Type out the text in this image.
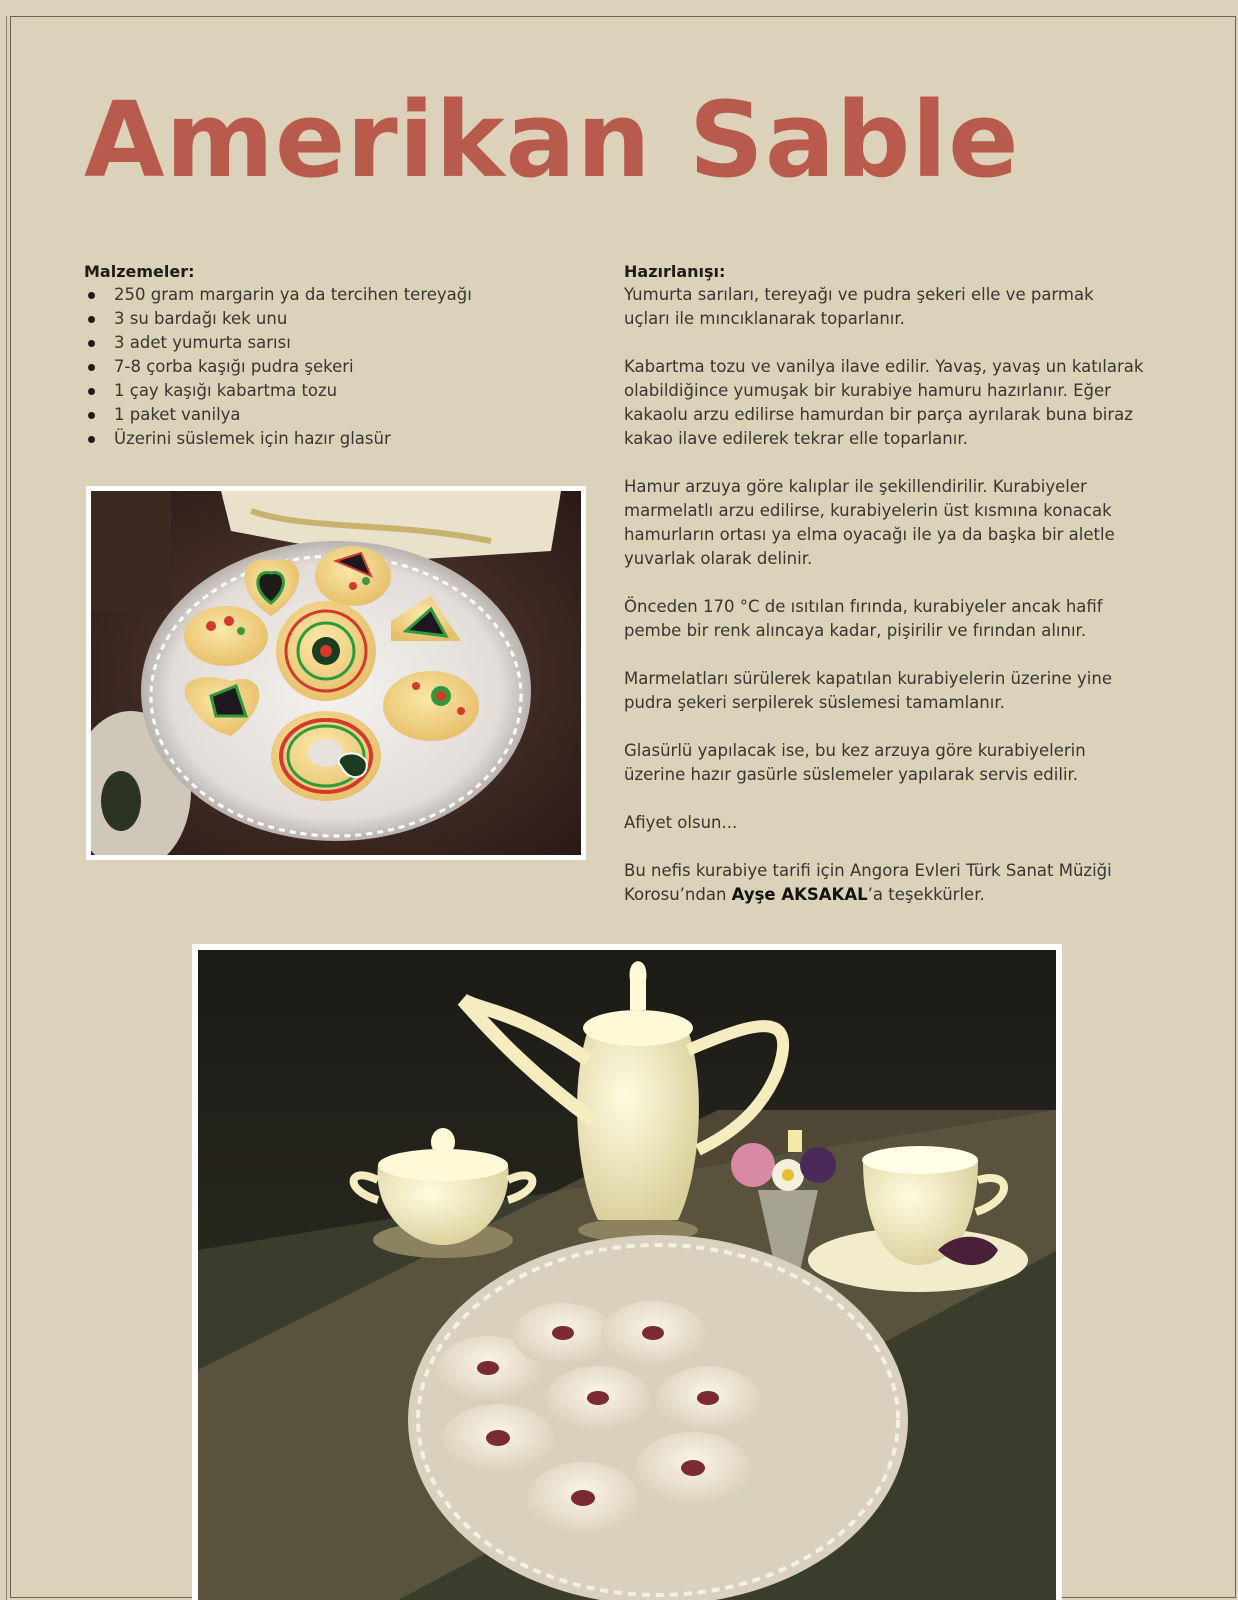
Amerikan Sable
Malzemeler:
250 gram margarin ya da tercihen tereyağı
3 su bardağı kek unu
3 adet yumurta sarısı
7-8 çorba kaşığı pudra şekeri
1 çay kaşığı kabartma tozu
1 paket vanilya
Üzerini süslemek için hazır glasür
Hazırlanışı:

Yumurta sarıları, tereyağı ve pudra şekeri elle ve parmak uçları ile mıncıklanarak toparlanır.

Kabartma tozu ve vanilya ilave edilir. Yavaş, yavaş un katılarak olabildiğince yumuşak bir kurabiye hamuru hazırlanır. Eğer kakaolu arzu edilirse hamurdan bir parça ayrılarak buna biraz kakao ilave edilerek tekrar elle toparlanır.

Hamur arzuya göre kalıplar ile şekillendirilir. Kurabiyeler marmelatlı arzu edilirse, kurabiyelerin üst kısmına konacak hamurların ortası ya elma oyacağı ile ya da başka bir aletle yuvarlak olarak delinir.

Önceden 170 °C de ısıtılan fırında, kurabiyeler ancak hafif pembe bir renk alıncaya kadar, pişirilir ve fırından alınır.

Marmelatları sürülerek kapatılan kurabiyelerin üzerine yine pudra şekeri serpilerek süslemesi tamamlanır.

Glasürlü yapılacak ise, bu kez arzuya göre kurabiyelerin üzerine hazır gasürle süslemeler yapılarak servis edilir.

Afiyet olsun...

Bu nefis kurabiye tarifi için Angora Evleri Türk Sanat Müziği Korosu’ndan Ayşe AKSAKAL’a teşekkürler.
